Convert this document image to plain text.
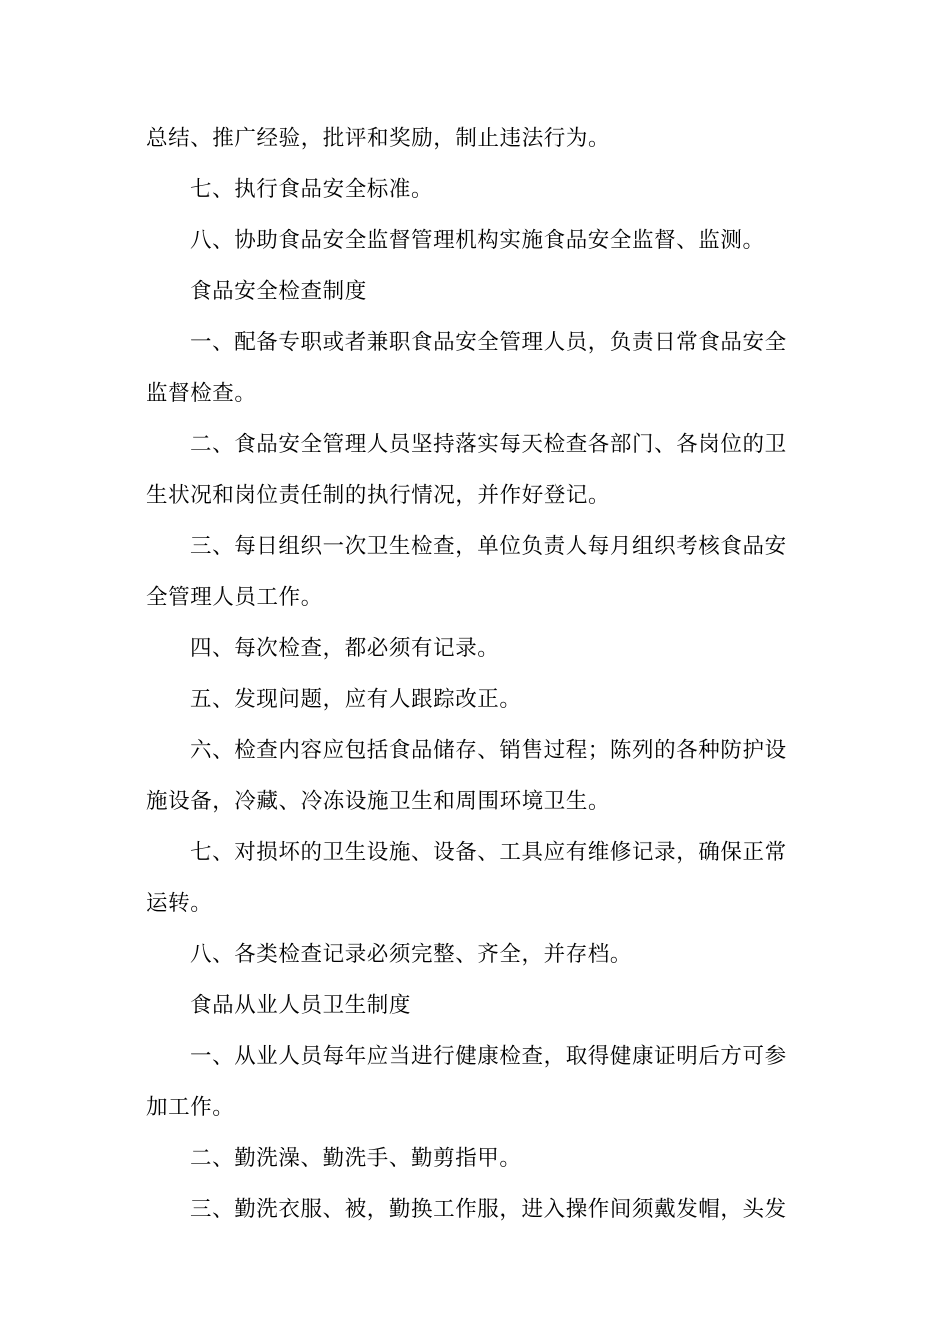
总结、推广经验，批评和奖励，制止违法行为。
七、执行食品安全标准。
八、协助食品安全监督管理机构实施食品安全监督、监测。
食品安全检查制度
一、配备专职或者兼职食品安全管理人员，负责日常食品安全
监督检查。
二、食品安全管理人员坚持落实每天检查各部门、各岗位的卫
生状况和岗位责任制的执行情况，并作好登记。
三、每日组织一次卫生检查，单位负责人每月组织考核食品安
全管理人员工作。
四、每次检查，都必须有记录。
五、发现问题，应有人跟踪改正。
六、检查内容应包括食品储存、销售过程；陈列的各种防护设
施设备，冷藏、冷冻设施卫生和周围环境卫生。
七、对损坏的卫生设施、设备、工具应有维修记录，确保正常
运转。
八、各类检查记录必须完整、齐全，并存档。
食品从业人员卫生制度
一、从业人员每年应当进行健康检查，取得健康证明后方可参
加工作。
二、勤洗澡、勤洗手、勤剪指甲。
三、勤洗衣服、被，勤换工作服，进入操作间须戴发帽，头发
